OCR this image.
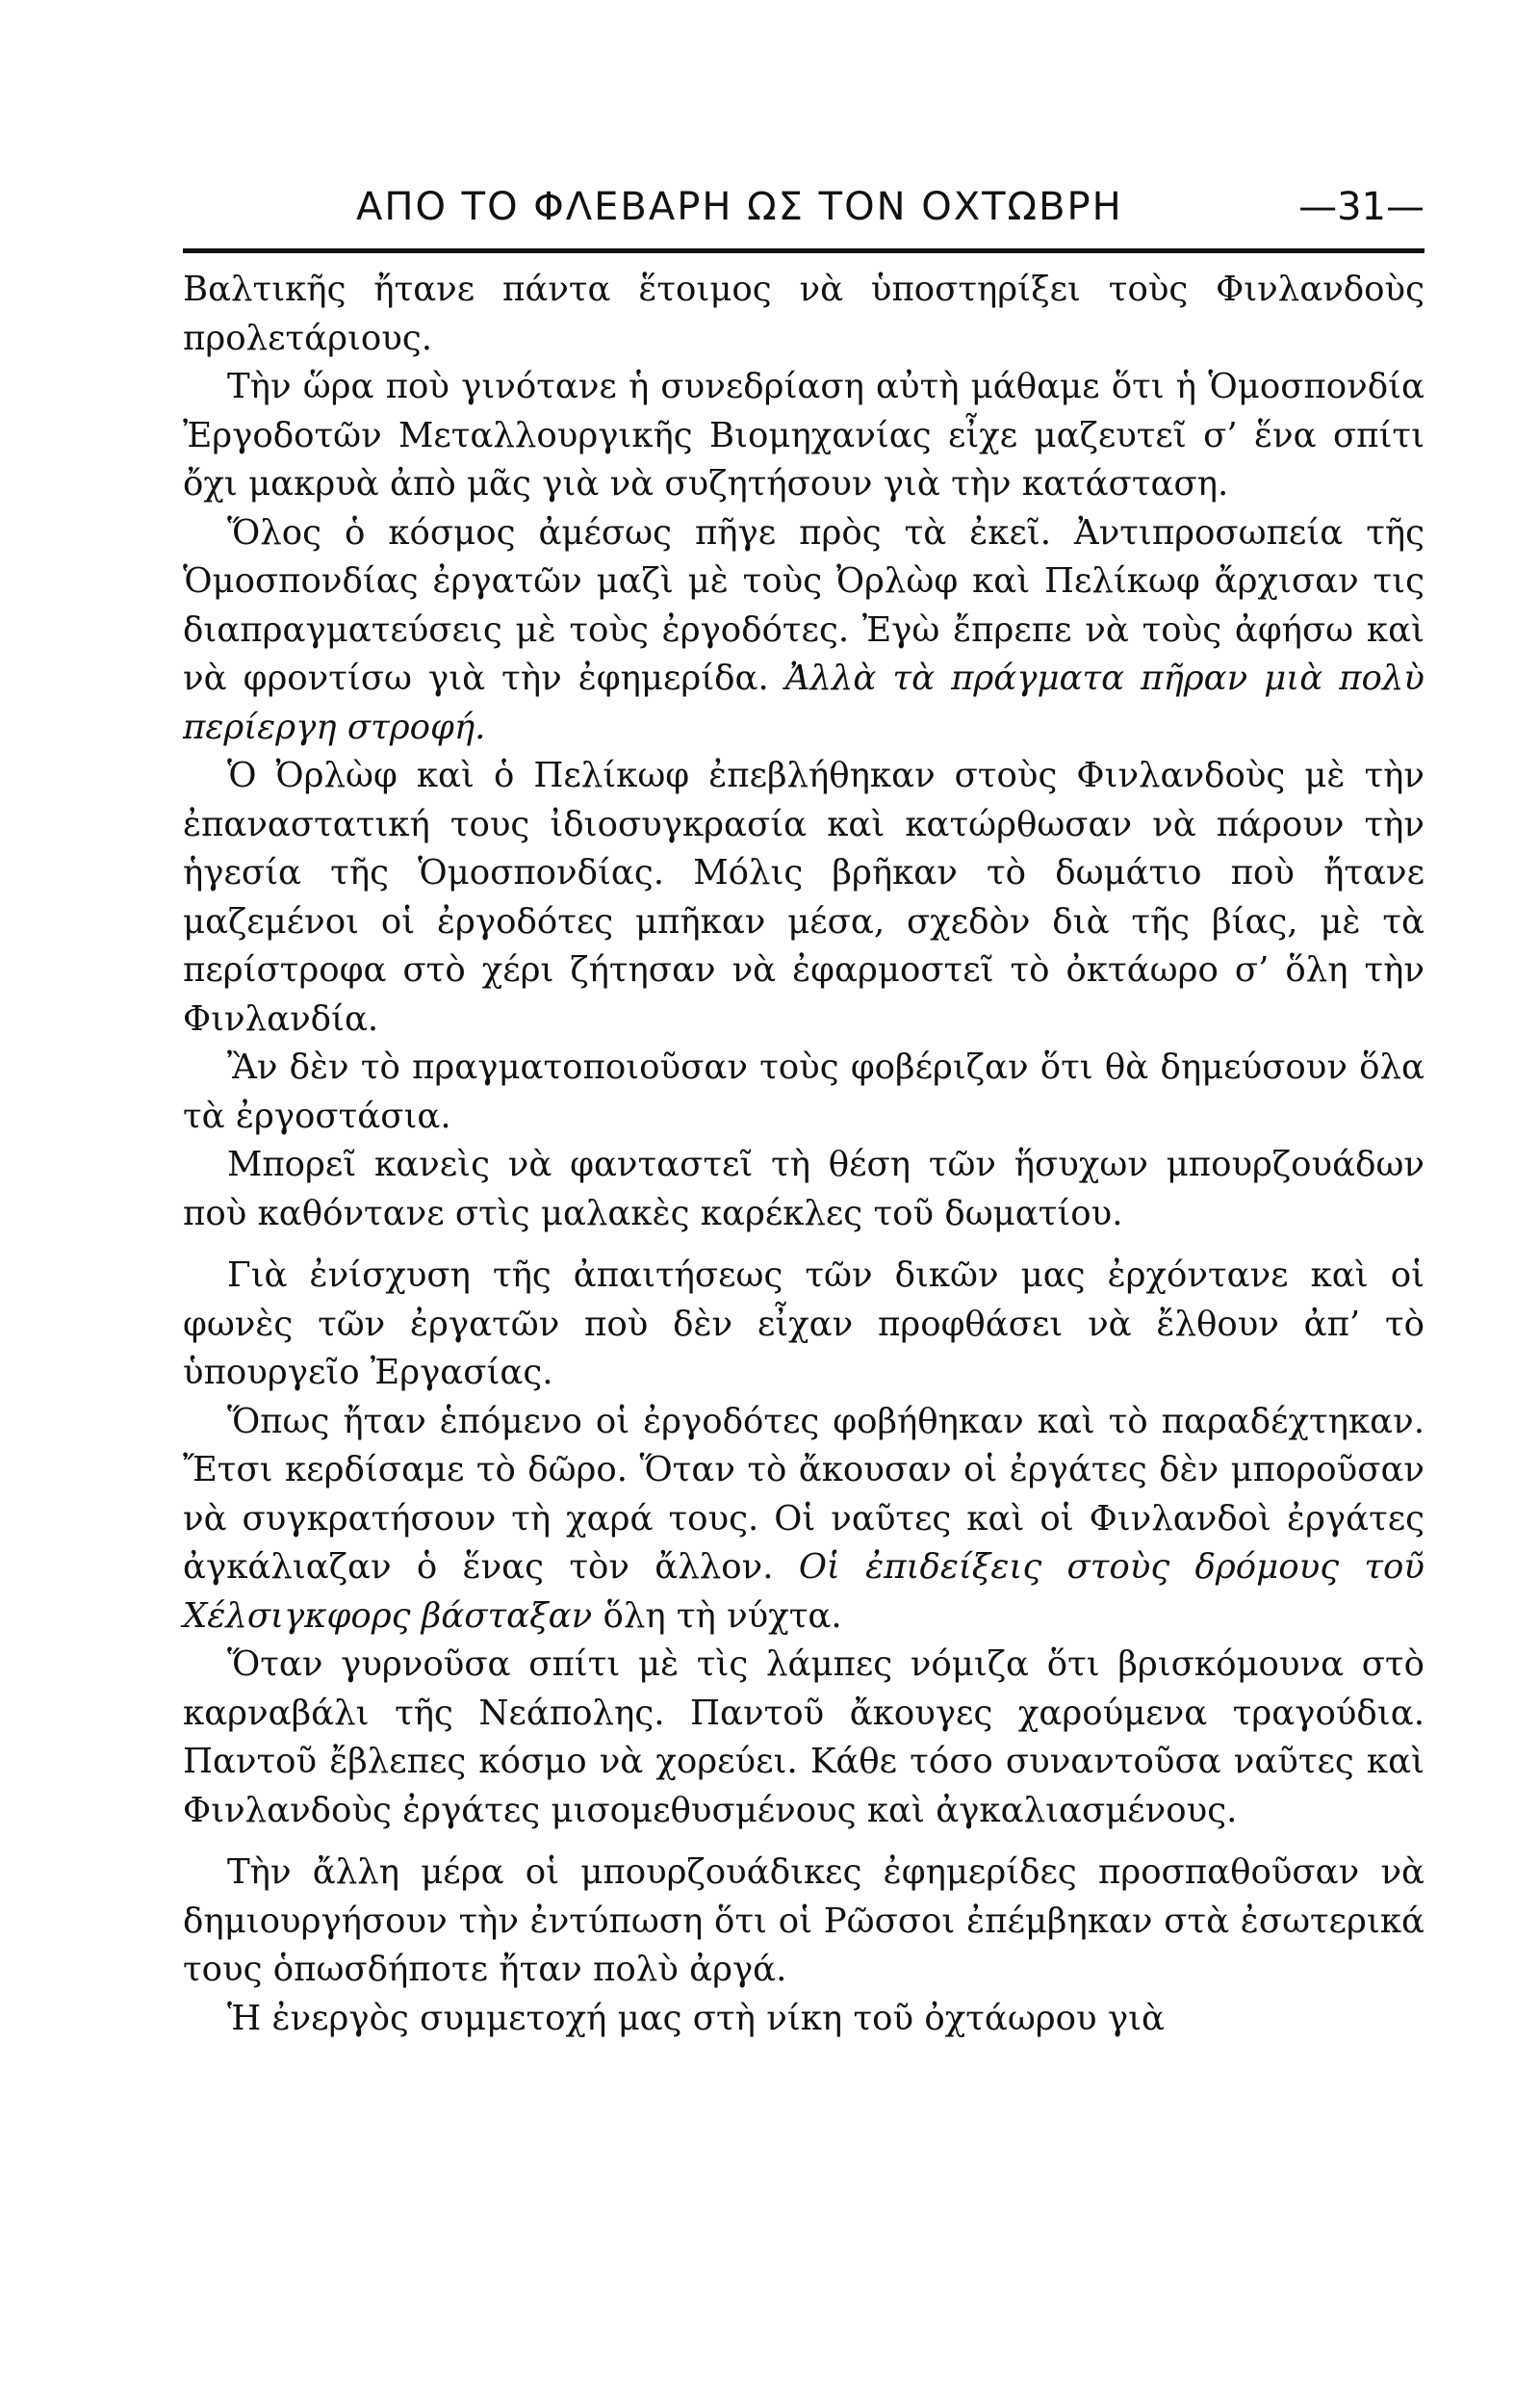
ΑΠΟ ΤΟ ΦΛΕΒΑΡΗ ΩΣ ΤΟΝ ΟΧΤΩΒΡΗ	—31—

Βαλτικῆς ἤτανε πάντα ἕτοιμος νὰ ὑποστηρίξει τοὺς Φινλανδοὺς προλετάριους.

Τὴν ὥρα ποὺ γινότανε ἡ συνεδρίαση αὐτὴ μάθαμε ὅτι ἡ Ὁμοσπονδία Ἐργοδοτῶν Μεταλλουργικῆς Βιομηχανίας εἶχε μαζευτεῖ σ’ ἕνα σπίτι ὄχι μακρυὰ ἀπὸ μᾶς γιὰ νὰ συζητήσουν γιὰ τὴν κατάσταση.

Ὅλος ὁ κόσμος ἀμέσως πῆγε πρὸς τὰ ἐκεῖ. Ἀντιπροσωπεία τῆς Ὁμοσπονδίας ἐργατῶν μαζὶ μὲ τοὺς Ὀρλὼφ καὶ Πελίκωφ ἄρχισαν τις διαπραγματεύσεις μὲ τοὺς ἐργοδότες. Ἐγὼ ἔπρεπε νὰ τοὺς ἀφήσω καὶ νὰ φροντίσω γιὰ τὴν ἐφημερίδα. Ἀλλὰ τὰ πράγματα πῆραν μιὰ πολὺ περίεργη στροφή.

Ὁ Ὀρλὼφ καὶ ὁ Πελίκωφ ἐπεβλήθηκαν στοὺς Φινλανδοὺς μὲ τὴν ἐπαναστατική τους ἰδιοσυγκρασία καὶ κατώρθωσαν νὰ πάρουν τὴν ἡγεσία τῆς Ὁμοσπονδίας. Μόλις βρῆκαν τὸ δωμάτιο ποὺ ἤτανε μαζεμένοι οἱ ἐργοδότες μπῆκαν μέσα, σχεδὸν διὰ τῆς βίας, μὲ τὰ περίστροφα στὸ χέρι ζήτησαν νὰ ἐφαρμοστεῖ τὸ ὀκτάωρο σ’ ὅλη τὴν Φινλανδία.

Ἂν δὲν τὸ πραγματοποιοῦσαν τοὺς φοβέριζαν ὅτι θὰ δημεύσουν ὅλα τὰ ἐργοστάσια.

Μπορεῖ κανεὶς νὰ φανταστεῖ τὴ θέση τῶν ἥσυχων μπουρζουάδων ποὺ καθόντανε στὶς μαλακὲς καρέκλες τοῦ δωματίου.

Γιὰ ἐνίσχυση τῆς ἀπαιτήσεως τῶν δικῶν μας ἐρχόντανε καὶ οἱ φωνὲς τῶν ἐργατῶν ποὺ δὲν εἶχαν προφθάσει νὰ ἔλθουν ἀπ’ τὸ ὑπουργεῖο Ἐργασίας.

Ὅπως ἤταν ἑπόμενο οἱ ἐργοδότες φοβήθηκαν καὶ τὸ παραδέχτηκαν. Ἔτσι κερδίσαμε τὸ δῶρο. Ὅταν τὸ ἄκουσαν οἱ ἐργάτες δὲν μποροῦσαν νὰ συγκρατήσουν τὴ χαρά τους. Οἱ ναῦτες καὶ οἱ Φινλανδοὶ ἐργάτες ἀγκάλιαζαν ὁ ἕνας τὸν ἄλλον. Οἱ ἐπιδείξεις στοὺς δρόμους τοῦ Χέλσιγκφορς βάσταξαν ὅλη τὴ νύχτα.

Ὅταν γυρνοῦσα σπίτι μὲ τὶς λάμπες νόμιζα ὅτι βρισκόμουνα στὸ καρναβάλι τῆς Νεάπολης. Παντοῦ ἄκουγες χαρούμενα τραγούδια. Παντοῦ ἔβλεπες κόσμο νὰ χορεύει. Κάθε τόσο συναντοῦσα ναῦτες καὶ Φινλανδοὺς ἐργάτες μισομεθυσμένους καὶ ἀγκαλιασμένους.

Τὴν ἄλλη μέρα οἱ μπουρζουάδικες ἐφημερίδες προσπαθοῦσαν νὰ δημιουργήσουν τὴν ἐντύπωση ὅτι οἱ Ρῶσσοι ἐπέμβηκαν στὰ ἐσωτερικά τους ὁπωσδήποτε ἤταν πολὺ ἀργά.

Ἡ ἐνεργὸς συμμετοχή μας στὴ νίκη τοῦ ὀχτάωρου γιὰ
